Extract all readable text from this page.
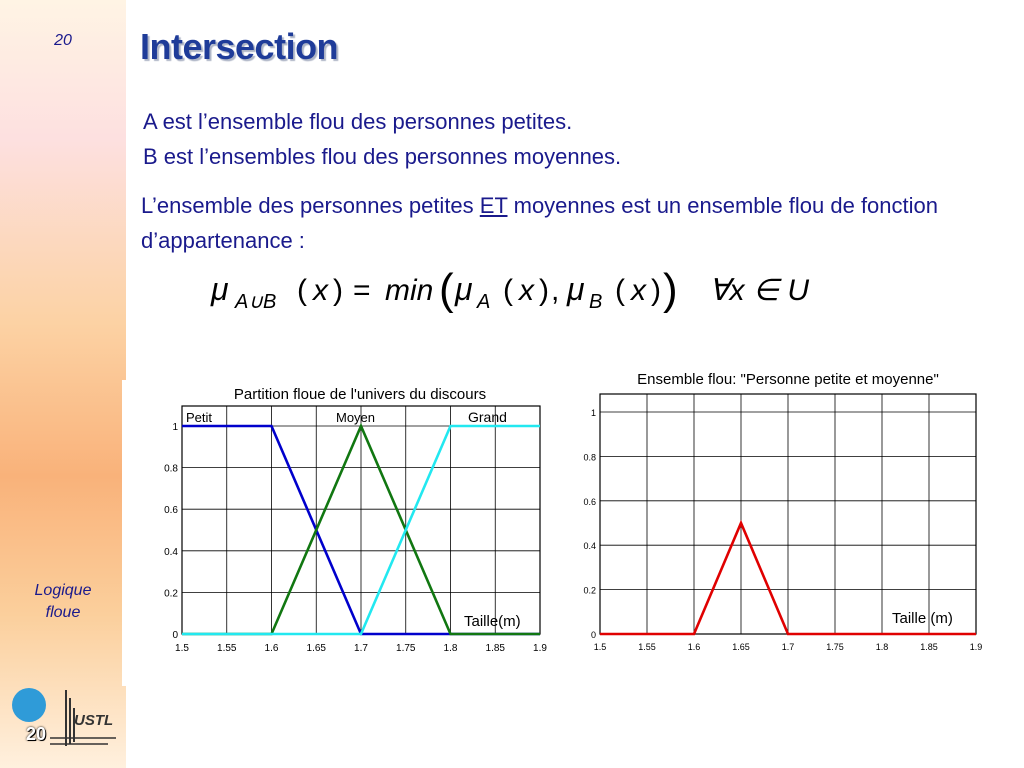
20
Logique
floue
USTL
20
Intersection
A est l’ensemble flou des personnes petites.
B est l’ensembles flou des personnes moyennes.
L’ensemble des personnes petites ET moyennes est un ensemble flou de fonction d’appartenance :
μ A∪B ( x ) = min ( μ A ( x ) , μ B ( x ) ) ∀x ∈ U
Partition floue de l'univers du discours
1.5	1.55	1.6	1.65	1.7	1.75	1.8	1.85	1.9
0
0.2
0.4
0.6
0.8
1
Petit	Moyen	Grand
Taille(m)
Ensemble flou: "Personne petite et moyenne"
1.5	1.55	1.6	1.65	1.7	1.75	1.8	1.85	1.9
0
0.2
0.4
0.6
0.8
1
Taille (m)
